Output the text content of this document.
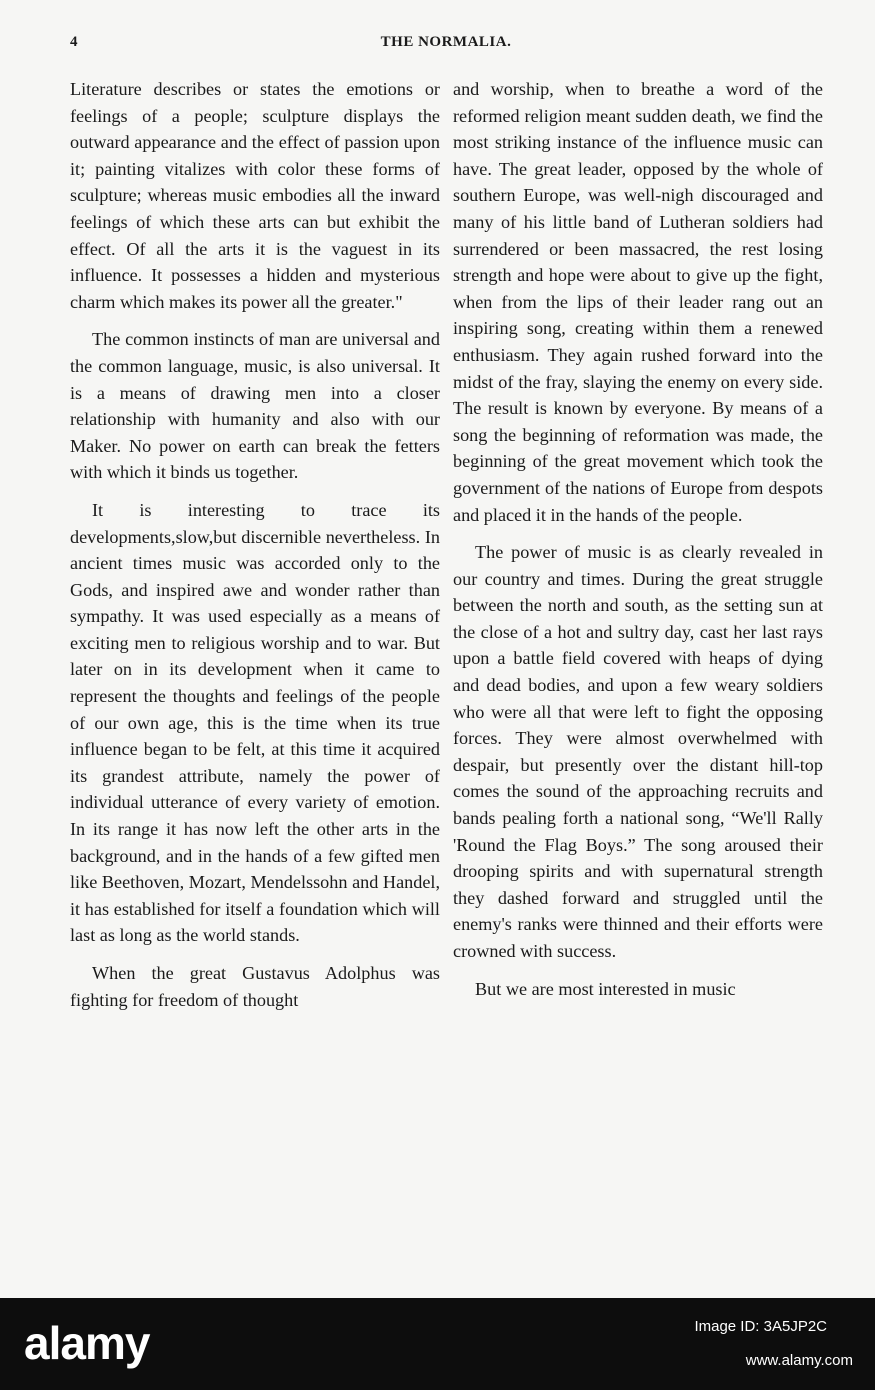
4	THE NORMALIA.

Literature describes or states the emotions or feelings of a people; sculpture displays the outward appearance and the effect of passion upon it; painting vitalizes with color these forms of sculpture; whereas music embodies all the inward feelings of which these arts can but exhibit the effect. Of all the arts it is the vaguest in its influence. It possesses a hidden and mysterious charm which makes its power all the greater."

The common instincts of man are universal and the common language, music, is also universal. It is a means of drawing men into a closer relationship with humanity and also with our Maker. No power on earth can break the fetters with which it binds us together.

It is interesting to trace its developments,slow,but discernible nevertheless. In ancient times music was accorded only to the Gods, and inspired awe and wonder rather than sympathy. It was used especially as a means of exciting men to religious worship and to war. But later on in its development when it came to represent the thoughts and feelings of the people of our own age, this is the time when its true influence began to be felt, at this time it acquired its grandest attribute, namely the power of individual utterance of every variety of emotion. In its range it has now left the other arts in the background, and in the hands of a few gifted men like Beethoven, Mozart, Mendelssohn and Handel, it has established for itself a foundation which will last as long as the world stands.

When the great Gustavus Adolphus was fighting for freedom of thought

and worship, when to breathe a word of the reformed religion meant sudden death, we find the most striking instance of the influence music can have. The great leader, opposed by the whole of southern Europe, was well-nigh discouraged and many of his little band of Lutheran soldiers had surrendered or been massacred, the rest losing strength and hope were about to give up the fight, when from the lips of their leader rang out an inspiring song, creating within them a renewed enthusiasm. They again rushed forward into the midst of the fray, slaying the enemy on every side. The result is known by everyone. By means of a song the beginning of reformation was made, the beginning of the great movement which took the government of the nations of Europe from despots and placed it in the hands of the people.

The power of music is as clearly revealed in our country and times. During the great struggle between the north and south, as the setting sun at the close of a hot and sultry day, cast her last rays upon a battle field covered with heaps of dying and dead bodies, and upon a few weary soldiers who were all that were left to fight the opposing forces. They were almost overwhelmed with despair, but presently over the distant hill-top comes the sound of the approaching recruits and bands pealing forth a national song, “We'll Rally 'Round the Flag Boys.” The song aroused their drooping spirits and with supernatural strength they dashed forward and struggled until the enemy's ranks were thinned and their efforts were crowned with success.

But we are most interested in music

alamy	Image ID: 3A5JP2C
www.alamy.com
